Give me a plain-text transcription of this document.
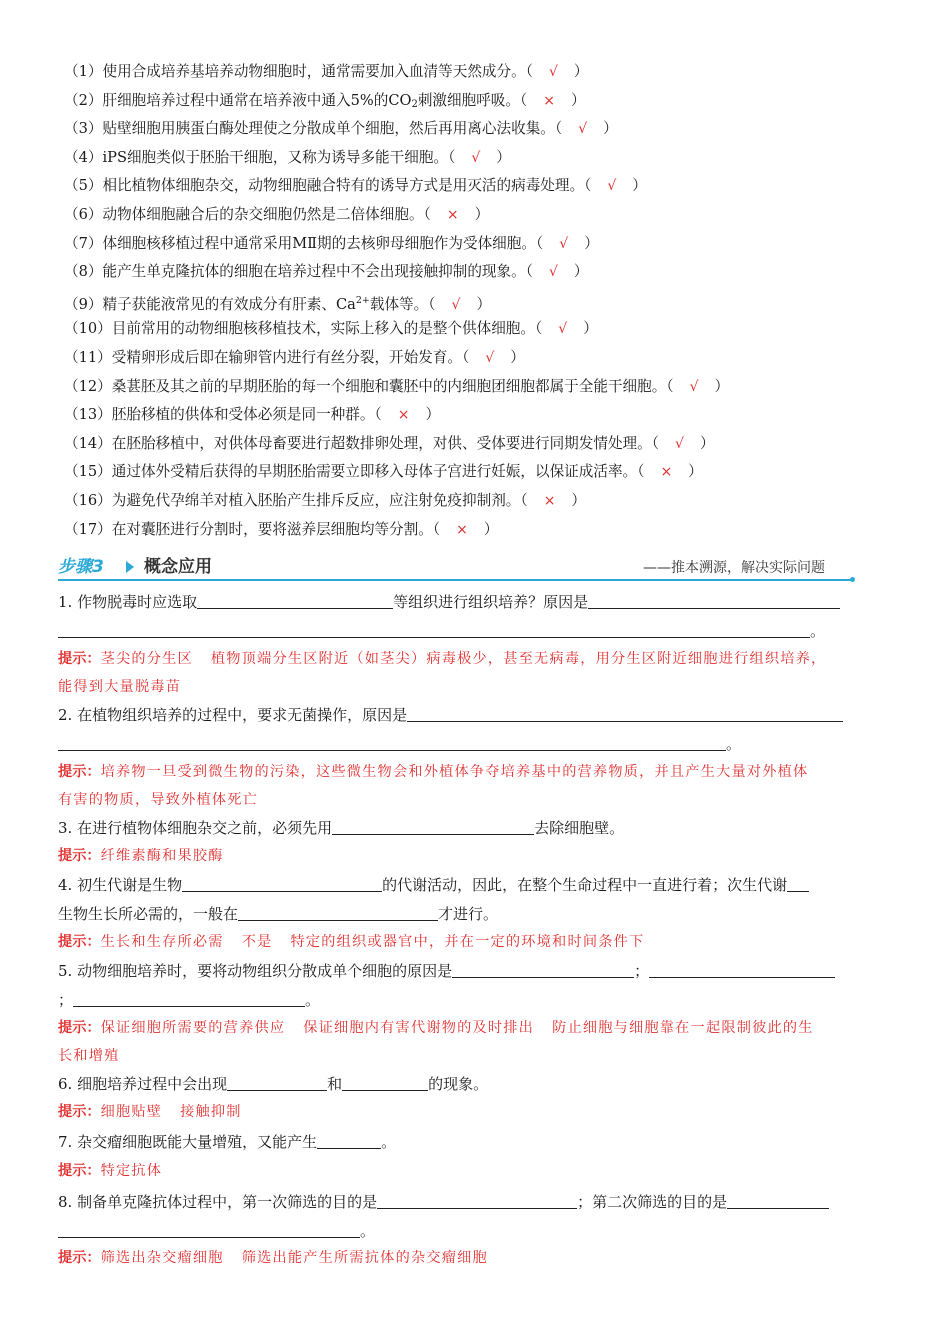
（1）使用合成培养基培养动物细胞时，通常需要加入血清等天然成分。（ √ ）
（2）肝细胞培养过程中通常在培养液中通入5%的$CO_2$刺激细胞呼吸。（ × ）
（3）贴壁细胞用胰蛋白酶处理使之分散成单个细胞，然后再用离心法收集。（ √ ）
（4）iPS细胞类似于胚胎干细胞，又称为诱导多能干细胞。（ √ ）
（5）相比植物体细胞杂交，动物细胞融合特有的诱导方式是用灭活的病毒处理。（ √ ）
（6）动物体细胞融合后的杂交细胞仍然是二倍体细胞。（ × ）
（7）体细胞核移植过程中通常采用MⅡ期的去核卵母细胞作为受体细胞。（ √ ）
（8）能产生单克隆抗体的细胞在培养过程中不会出现接触抑制的现象。（ √ ）
（9）精子获能液常见的有效成分有肝素、$Ca^{2+}$载体等。（ √ ）
（10）目前常用的动物细胞核移植技术，实际上移入的是整个供体细胞。（ √ ）
（11）受精卵形成后即在输卵管内进行有丝分裂，开始发育。（ √ ）
（12）桑葚胚及其之前的早期胚胎的每一个细胞和囊胚中的内细胞团细胞都属于全能干细胞。（ √ ）
（13）胚胎移植的供体和受体必须是同一种群。（ × ）
（14）在胚胎移植中，对供体母畜要进行超数排卵处理，对供、受体要进行同期发情处理。（ √ ）
（15）通过体外受精后获得的早期胚胎需要立即移入母体子宫进行妊娠，以保证成活率。（ × ）
（16）为避免代孕绵羊对植入胚胎产生排斥反应，应注射免疫抑制剂。（ × ）
（17）在对囊胚进行分割时，要将滋养层细胞均等分割。（ × ）
步骤3	概念应用	——推本溯源，解决实际问题
1. 作物脱毒时应选取	等组织进行组织培养？原因是
。
提示：茎尖的分生区 植物顶端分生区附近（如茎尖）病毒极少，甚至无病毒，用分生区附近细胞进行组织培养，
能得到大量脱毒苗
2. 在植物组织培养的过程中，要求无菌操作，原因是
。
提示：培养物一旦受到微生物的污染，这些微生物会和外植体争夺培养基中的营养物质，并且产生大量对外植体
有害的物质，导致外植体死亡
3. 在进行植物体细胞杂交之前，必须先用	去除细胞壁。
提示：纤维素酶和果胶酶
4. 初生代谢是生物	的代谢活动，因此，在整个生命过程中一直进行着；次生代谢
生物生长所必需的，一般在	才进行。
提示：生长和生存所必需 不是 特定的组织或器官中，并在一定的环境和时间条件下
5. 动物细胞培养时，要将动物组织分散成单个细胞的原因是	；
；	。
提示：保证细胞所需要的营养供应 保证细胞内有害代谢物的及时排出 防止细胞与细胞靠在一起限制彼此的生
长和增殖
6. 细胞培养过程中会出现	和	的现象。
提示：细胞贴壁 接触抑制
7. 杂交瘤细胞既能大量增殖，又能产生	。
提示：特定抗体
8. 制备单克隆抗体过程中，第一次筛选的目的是	；第二次筛选的目的是
。
提示：筛选出杂交瘤细胞 筛选出能产生所需抗体的杂交瘤细胞
